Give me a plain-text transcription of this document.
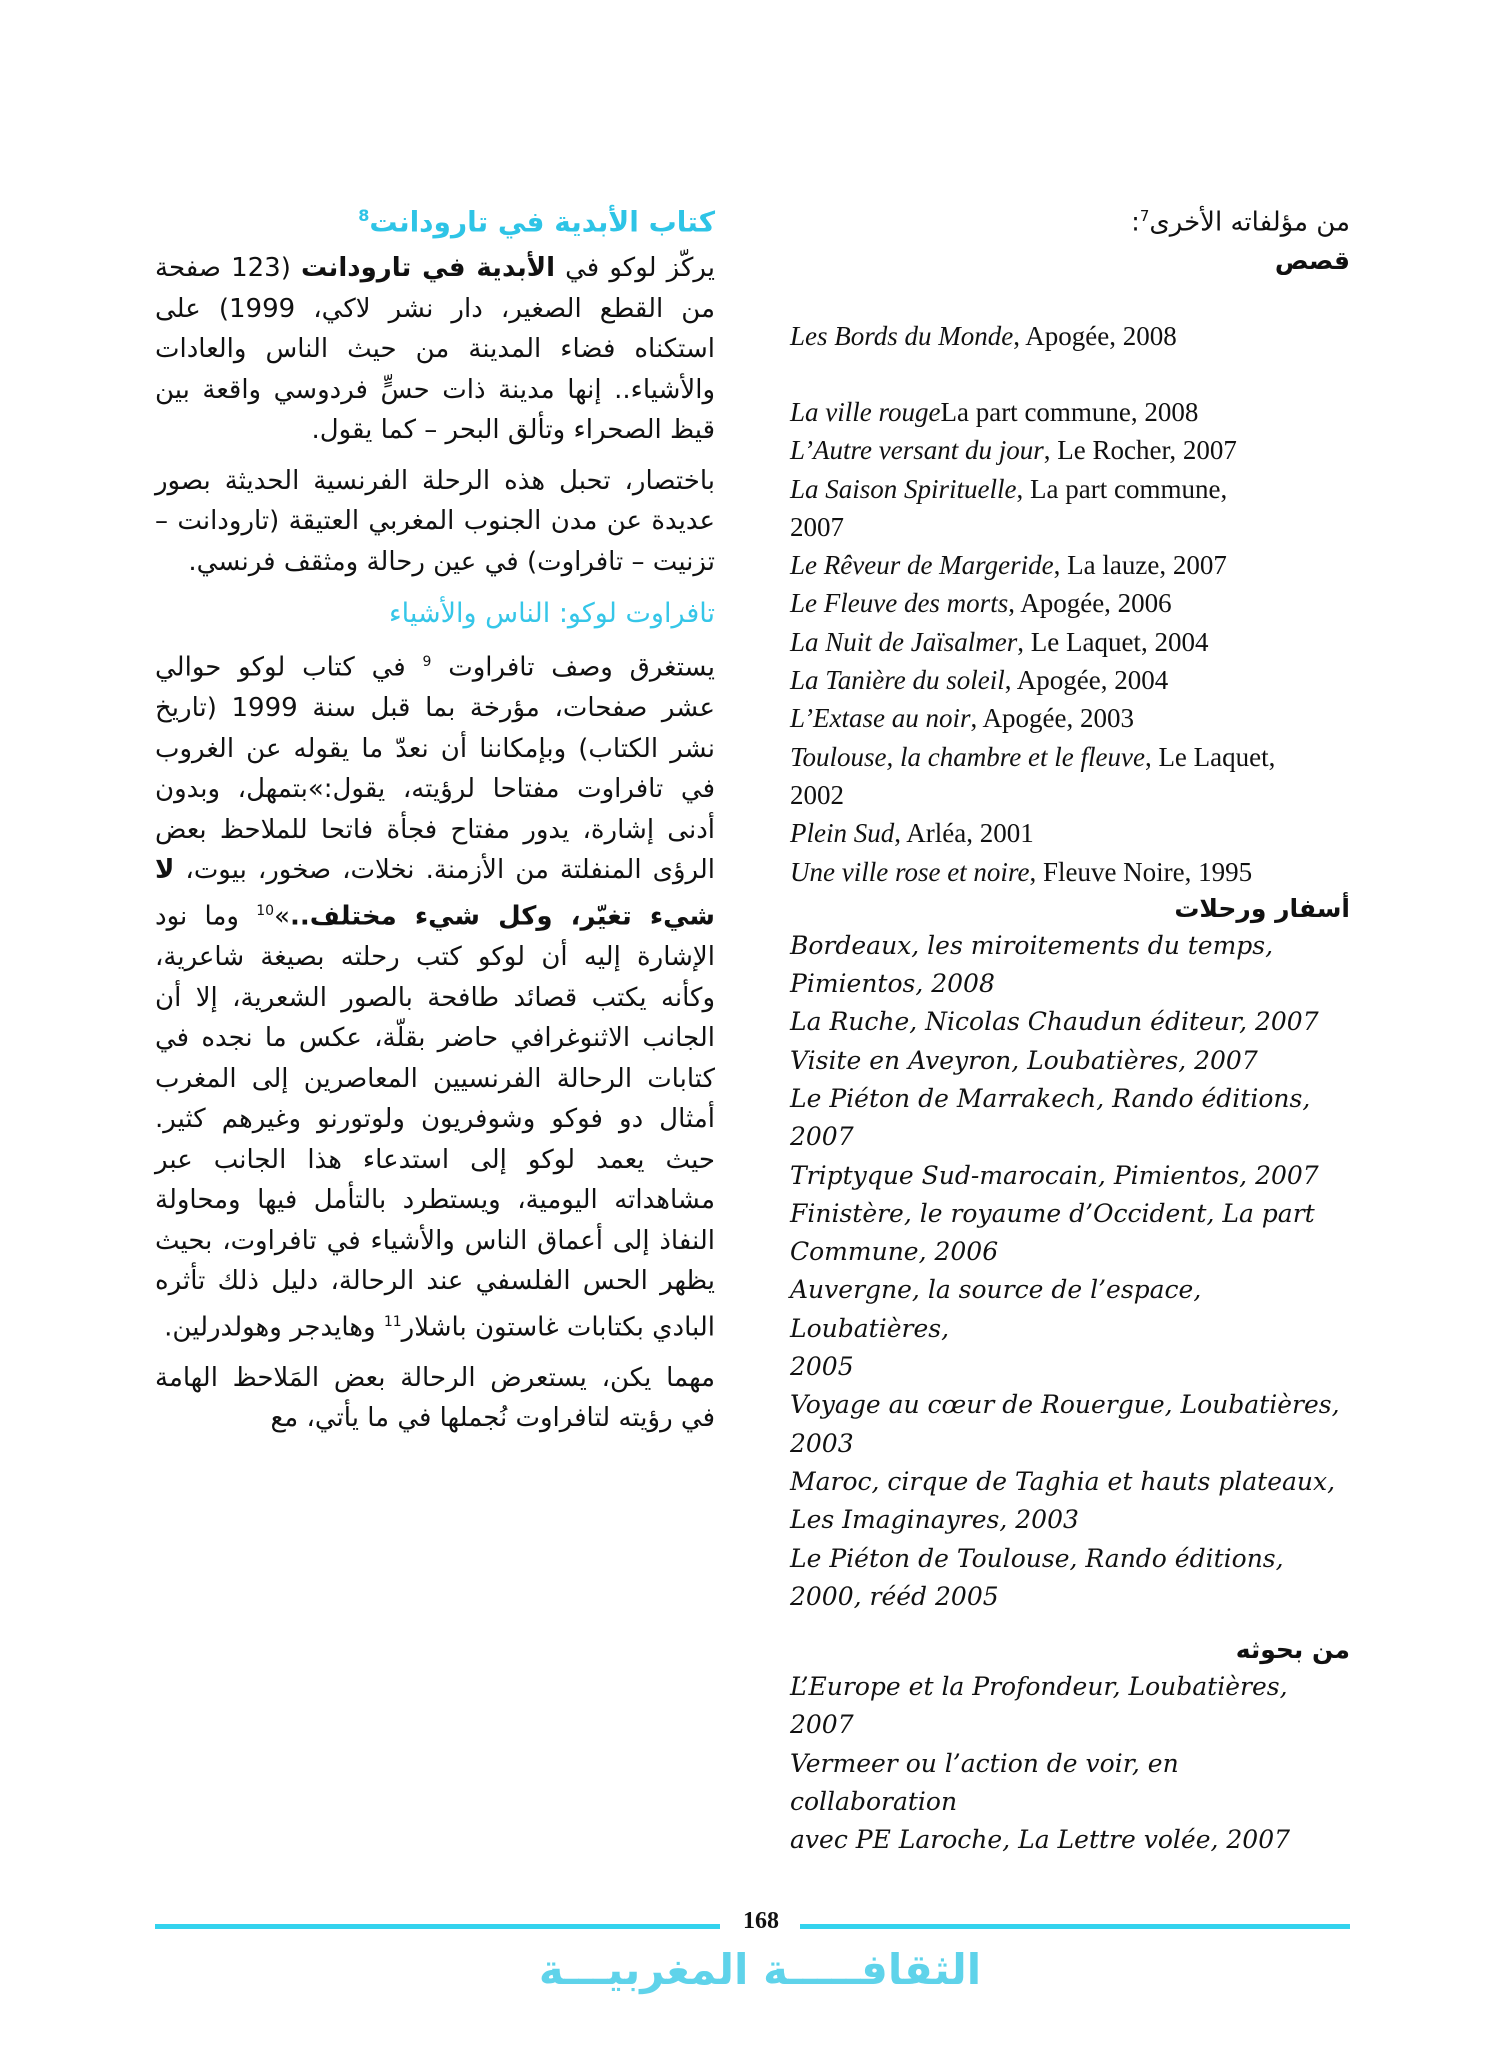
من مؤلفاته الأخرى$^7$:

قصص

Les Bords du Monde, Apogée, 2008

La ville rougeLa part commune, 2008

L’Autre versant du jour, Le Rocher, 2007

La Saison Spirituelle, La part commune,

2007

Le Rêveur de Margeride, La lauze, 2007

Le Fleuve des morts, Apogée, 2006

La Nuit de Jaïsalmer, Le Laquet, 2004

La Tanière du soleil, Apogée, 2004

L’Extase au noir, Apogée, 2003

Toulouse, la chambre et le fleuve, Le Laquet,

2002

Plein Sud, Arléa, 2001

Une ville rose et noire, Fleuve Noire, 1995

أسفار ورحلات

Bordeaux, les miroitements du temps,

Pimientos, 2008

La Ruche, Nicolas Chaudun éditeur, 2007

Visite en Aveyron, Loubatières, 2007

Le Piéton de Marrakech, Rando éditions,

2007

Triptyque Sud-marocain, Pimientos, 2007

Finistère, le royaume d’Occident, La part

Commune, 2006

Auvergne, la source de l’espace, Loubatières,

2005

Voyage au cœur de Rouergue, Loubatières,

2003

Maroc, cirque de Taghia et hauts plateaux,

Les Imaginayres, 2003

Le Piéton de Toulouse, Rando éditions,

2000, rééd 2005

من بحوثه

L’Europe et la Profondeur, Loubatières,

2007

Vermeer ou l’action de voir, en collaboration

avec PE Laroche, La Lettre volée, 2007

كتاب الأبدية في تارودانت$^8$

يركّز لوكو في الأبدية في تارودانت (123 صفحة من القطع الصغير، دار نشر لاكي، 1999) على استكناه فضاء المدينة من حيث الناس والعادات والأشياء.. إنها مدينة ذات حسٍّ فردوسي واقعة بين قيظ الصحراء وتألق البحر – كما يقول.

باختصار، تحبل هذه الرحلة الفرنسية الحديثة بصور عديدة عن مدن الجنوب المغربي العتيقة (تارودانت – تزنيت – تافراوت) في عين رحالة ومثقف فرنسي.

تافراوت لوكو: الناس والأشياء

يستغرق وصف تافراوت $^9$ في كتاب لوكو حوالي عشر صفحات، مؤرخة بما قبل سنة 1999 (تاريخ نشر الكتاب) وبإمكاننا أن نعدّ ما يقوله عن الغروب في تافراوت مفتاحا لرؤيته، يقول:»بتمهل، وبدون أدنى إشارة، يدور مفتاح فجأة فاتحا للملاحظ بعض الرؤى المنفلتة من الأزمنة. نخلات، صخور، بيوت، لا شيء تغيّر، وكل شيء مختلف..»$^{10}$ وما نود الإشارة إليه أن لوكو كتب رحلته بصيغة شاعرية، وكأنه يكتب قصائد طافحة بالصور الشعرية، إلا أن الجانب الاثنوغرافي حاضر بقلّة، عكس ما نجده في كتابات الرحالة الفرنسيين المعاصرين إلى المغرب أمثال دو فوكو وشوفريون ولوتورنو وغيرهم كثير. حيث يعمد لوكو إلى استدعاء هذا الجانب عبر مشاهداته اليومية، ويستطرد بالتأمل فيها ومحاولة النفاذ إلى أعماق الناس والأشياء في تافراوت، بحيث يظهر الحس الفلسفي عند الرحالة، دليل ذلك تأثره البادي بكتابات غاستون باشلار$^{11}$ وهايدجر وهولدرلين.

مهما يكن، يستعرض الرحالة بعض المَلاحظ الهامة في رؤيته لتافراوت نُجملها في ما يأتي، مع

168
الثقافـــــة المغربيـــة
